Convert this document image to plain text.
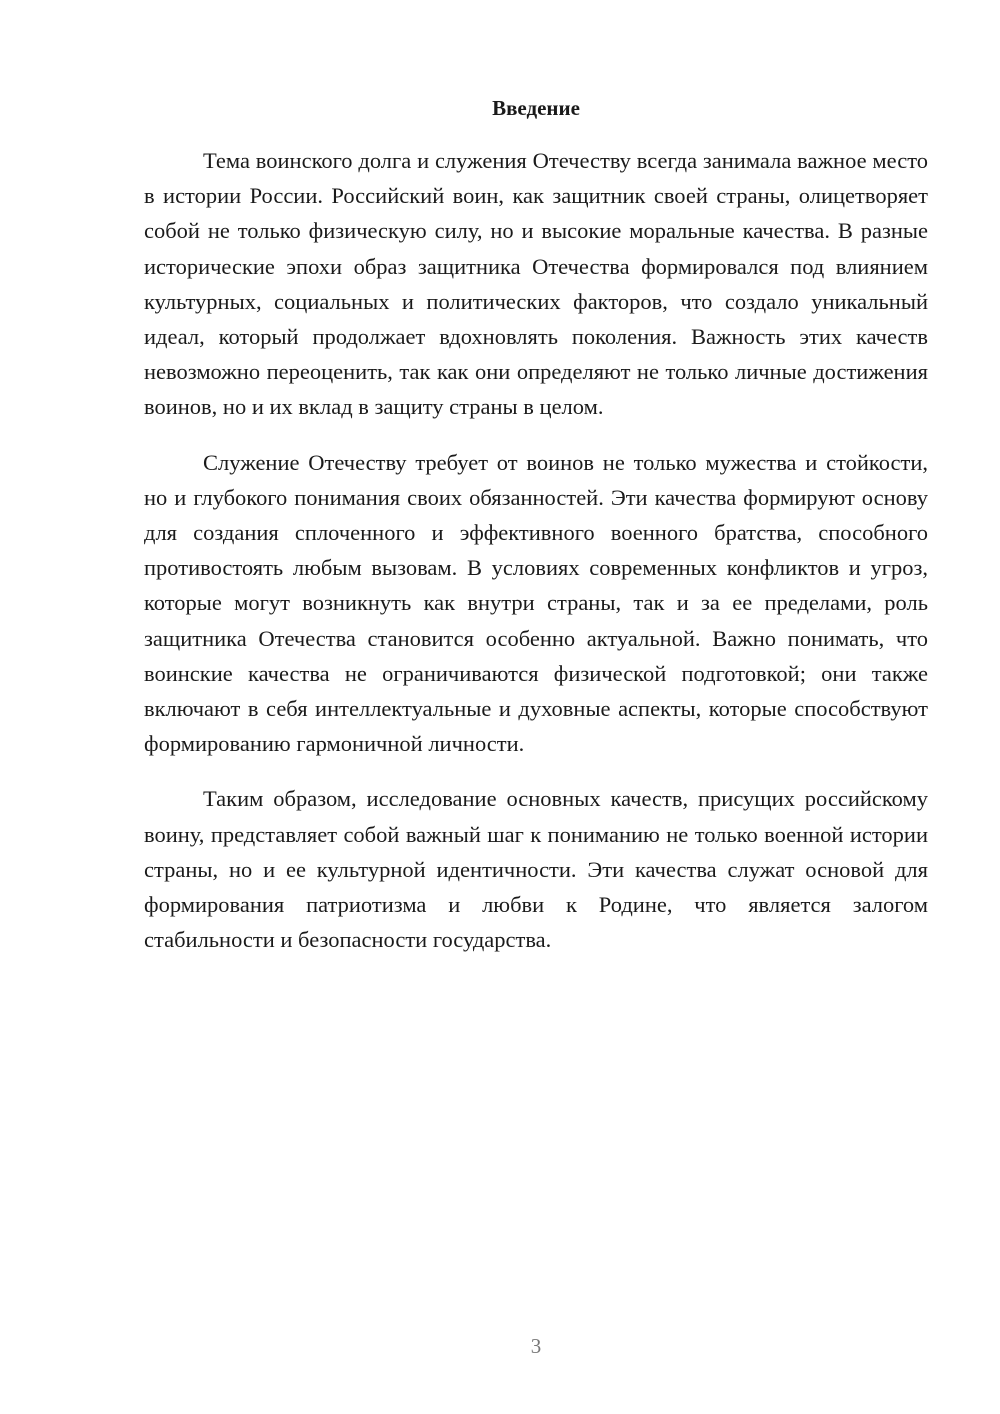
Введение

Тема воинского долга и служения Отечеству всегда занимала важное место в истории России. Российский воин, как защитник своей страны, олицетворяет собой не только физическую силу, но и высокие моральные качества. В разные исторические эпохи образ защитника Отечества формировался под влиянием культурных, социальных и политических факторов, что создало уникальный идеал, который продолжает вдохновлять поколения. Важность этих качеств невозможно переоценить, так как они определяют не только личные достижения воинов, но и их вклад в защиту страны в целом.

Служение Отечеству требует от воинов не только мужества и стойкости, но и глубокого понимания своих обязанностей. Эти качества формируют основу для создания сплоченного и эффективного военного братства, способного противостоять любым вызовам. В условиях современных конфликтов и угроз, которые могут возникнуть как внутри страны, так и за ее пределами, роль защитника Отечества становится особенно актуальной. Важно понимать, что воинские качества не ограничиваются физической подготовкой; они также включают в себя интеллектуальные и духовные аспекты, которые способствуют формированию гармоничной личности.

Таким образом, исследование основных качеств, присущих российскому воину, представляет собой важный шаг к пониманию не только военной истории страны, но и ее культурной идентичности. Эти качества служат основой для формирования патриотизма и любви к Родине, что является залогом стабильности и безопасности государства.

3
